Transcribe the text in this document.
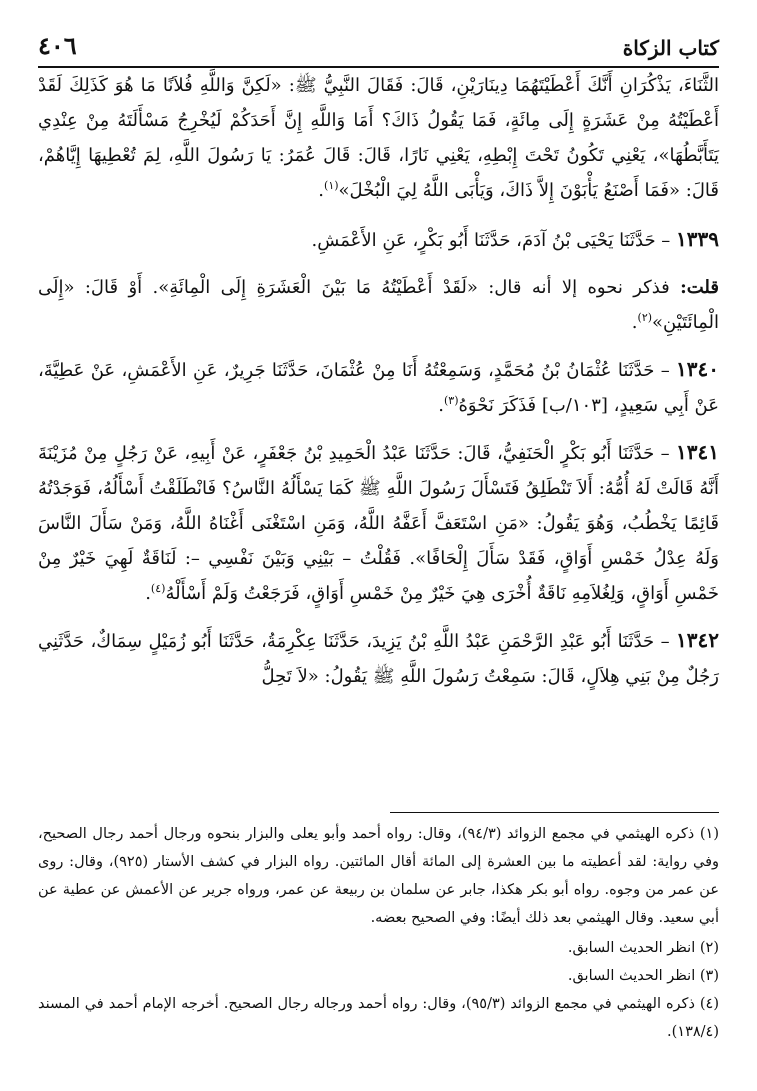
كتاب الزكاة
٤٠٦

الثَّنَاءَ، يَذْكُرَانِ أَنَّكَ أَعْطَيْتَهُمَا دِينَارَيْنِ، قَالَ: فَقَالَ النَّبِيُّ ﷺ: «لَكِنَّ وَاللَّهِ فُلاَنًا مَا هُوَ كَذَلِكَ لَقَدْ أَعْطَيْتُهُ مِنْ عَشَرَةٍ إِلَى مِائَةٍ، فَمَا يَقُولُ ذَاكَ؟ أَمَا وَاللَّهِ إِنَّ أَحَدَكُمْ لَيُخْرِجُ مَسْأَلَتَهُ مِنْ عِنْدِي يَتَأَبَّطُهَا»، يَعْنِي تَكُونُ تَحْتَ إِبْطِهِ، يَعْنِي نَارًا، قَالَ: قَالَ عُمَرُ: يَا رَسُولَ اللَّهِ، لِمَ تُعْطِيهَا إِيَّاهُمْ، قَالَ: «فَمَا أَصْنَعُ يَأْبَوْنَ إِلاَّ ذَاكَ، وَيَأْبَى اللَّهُ لِيَ الْبُخْلَ»$^{(١)}$.

١٣٣٩ – حَدَّثَنَا يَحْيَى بْنُ آدَمَ، حَدَّثَنَا أَبُو بَكْرٍ، عَنِ الأَعْمَشِ.

قلت: فذكر نحوه إلا أنه قال: «لَقَدْ أَعْطَيْتُهُ مَا بَيْنَ الْعَشَرَةِ إِلَى الْمِائَةِ». أَوْ قَالَ: «إِلَى الْمِائَتَيْنِ»$^{(٢)}$.

١٣٤٠ – حَدَّثَنَا عُثْمَانُ بْنُ مُحَمَّدٍ، وَسَمِعْتُهُ أَنَا مِنْ عُثْمَانَ، حَدَّثَنَا جَرِيرٌ، عَنِ الأَعْمَشِ، عَنْ عَطِيَّةَ، عَنْ أَبِي سَعِيدٍ، [١٠٣/ب] فَذَكَرَ نَحْوَهُ$^{(٣)}$.

١٣٤١ – حَدَّثَنَا أَبُو بَكْرٍ الْحَنَفِيُّ، قَالَ: حَدَّثَنَا عَبْدُ الْحَمِيدِ بْنُ جَعْفَرٍ، عَنْ أَبِيهِ، عَنْ رَجُلٍ مِنْ مُزَيْنَةَ أَنَّهُ قَالَتْ لَهُ أُمُّهُ: أَلاَ تَنْطَلِقُ فَتَسْأَلَ رَسُولَ اللَّهِ ﷺ كَمَا يَسْأَلُهُ النَّاسُ؟ فَانْطَلَقْتُ أَسْأَلُهُ، فَوَجَدْتُهُ قَائِمًا يَخْطُبُ، وَهُوَ يَقُولُ: «مَنِ اسْتَعَفَّ أَعَفَّهُ اللَّهُ، وَمَنِ اسْتَغْنَى أَغْنَاهُ اللَّهُ، وَمَنْ سَأَلَ النَّاسَ وَلَهُ عِدْلُ خَمْسِ أَوَاقٍ، فَقَدْ سَأَلَ إِلْحَافًا». فَقُلْتُ – بَيْنِي وَبَيْنَ نَفْسِي –: لَنَاقَةٌ لَهِيَ خَيْرٌ مِنْ خَمْسِ أَوَاقٍ، وَلِغُلاَمِهِ نَاقَةٌ أُخْرَى هِيَ خَيْرٌ مِنْ خَمْسِ أَوَاقٍ، فَرَجَعْتُ وَلَمْ أَسْأَلْهُ$^{(٤)}$.

١٣٤٢ – حَدَّثَنَا أَبُو عَبْدِ الرَّحْمَنِ عَبْدُ اللَّهِ بْنُ يَزِيدَ، حَدَّثَنَا عِكْرِمَةُ، حَدَّثَنَا أَبُو زُمَيْلٍ سِمَاكٌ، حَدَّثَنِي رَجُلٌ مِنْ بَنِي هِلاَلٍ، قَالَ: سَمِعْتُ رَسُولَ اللَّهِ ﷺ يَقُولُ: «لاَ تَحِلُّ

(١) ذكره الهيثمي في مجمع الزوائد (٩٤/٣)، وقال: رواه أحمد وأبو يعلى والبزار بنحوه ورجال أحمد رجال الصحيح، وفي رواية: لقد أعطيته ما بين العشرة إلى المائة أقال المائتين. رواه البزار في كشف الأستار (٩٢٥)، وقال: روى عن عمر من وجوه. رواه أبو بكر هكذا، جابر عن سلمان بن ربيعة عن عمر، ورواه جرير عن الأعمش عن عطية عن أبي سعيد. وقال الهيثمي بعد ذلك أيضًا: وفي الصحيح بعضه.

(٢) انظر الحديث السابق.

(٣) انظر الحديث السابق.

(٤) ذكره الهيثمي في مجمع الزوائد (٩٥/٣)، وقال: رواه أحمد ورجاله رجال الصحيح. أخرجه الإمام أحمد في المسند (١٣٨/٤).
